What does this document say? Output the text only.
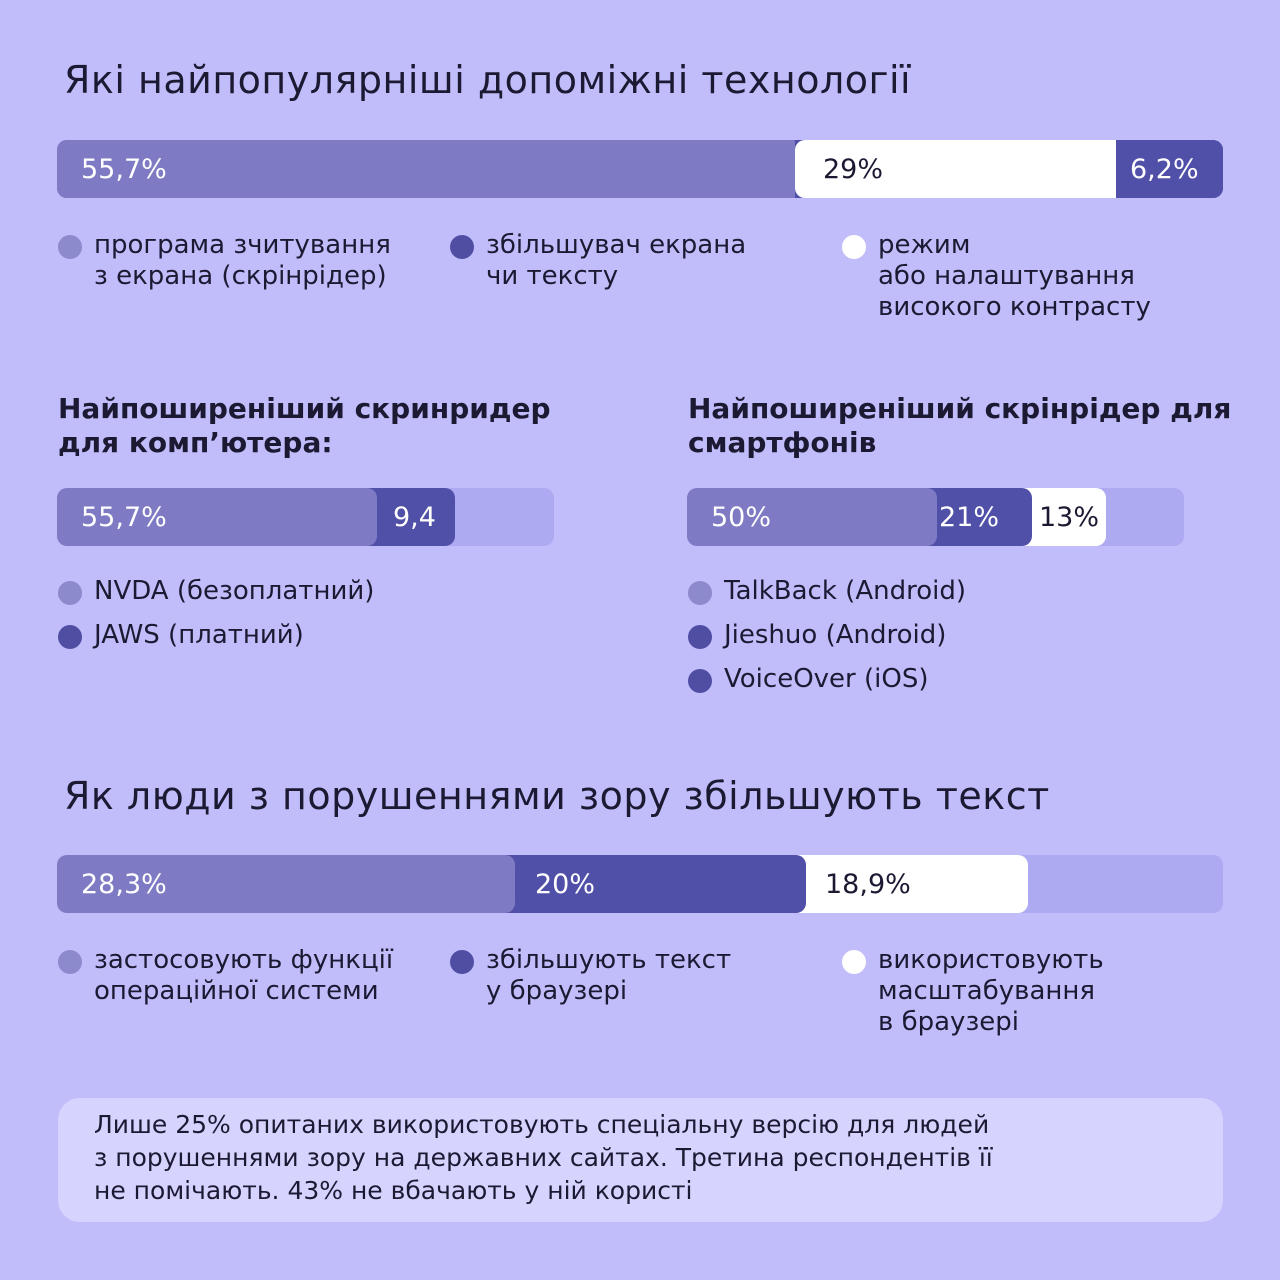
Які найпопулярніші допоміжні технології
55,7%	29%	6,2%
програма зчитування
з екрана (скрінрідер)
збільшувач екрана
чи тексту
режим
або налаштування
високого контрасту
Найпоширеніший скринридер
для комп’ютера:
9,4
55,7%
NVDA (безоплатний)
JAWS (платний)
Найпоширеніший скрінрідер для
смартфонів
13%
21%
50%
TalkBack (Android)
Jieshuo (Android)
VoiceOver (iOS)
Як люди з порушеннями зору збільшують текст
18,9%
20%
28,3%
застосовують функції
операційної системи
збільшують текст
у браузері
використовують
масштабування
в браузері

Лише 25% опитаних використовують спеціальну версію для людей
з порушеннями зору на державних сайтах. Третина респондентів її
не помічають. 43% не вбачають у ній користі
